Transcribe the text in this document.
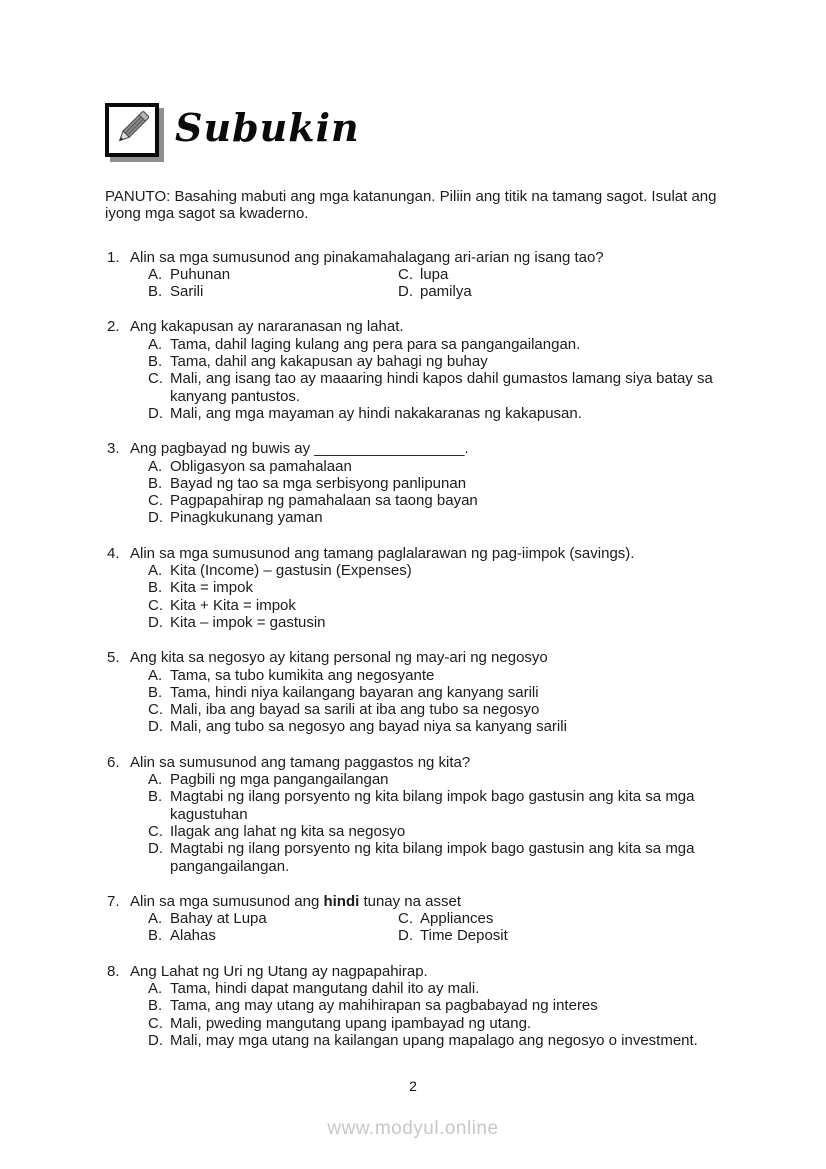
Subukin

PANUTO: Basahing mabuti ang mga katanungan. Piliin ang titik na tamang sagot. Isulat ang iyong mga sagot sa kwaderno.

1. Alin sa mga sumusunod ang pinakamahalagang ari-arian ng isang tao?
A. Puhunan	C. lupa
B. Sarili	D. pamilya
2. Ang kakapusan ay nararanasan ng lahat.
A. Tama, dahil laging kulang ang pera para sa pangangailangan.
B. Tama, dahil ang kakapusan ay bahagi ng buhay
C. Mali, ang isang tao ay maaaring hindi kapos dahil gumastos lamang siya batay sa kanyang pantustos.
D. Mali, ang mga mayaman ay hindi nakakaranas ng kakapusan.
3. Ang pagbayad ng buwis ay __________________.
A. Obligasyon sa pamahalaan
B. Bayad ng tao sa mga serbisyong panlipunan
C. Pagpapahirap ng pamahalaan sa taong bayan
D. Pinagkukunang yaman
4. Alin sa mga sumusunod ang tamang paglalarawan ng pag-iimpok (savings).
A. Kita (Income) – gastusin (Expenses)
B. Kita = impok
C. Kita + Kita = impok
D. Kita – impok = gastusin
5. Ang kita sa negosyo ay kitang personal ng may-ari ng negosyo
A. Tama, sa tubo kumikita ang negosyante
B. Tama, hindi niya kailangang bayaran ang kanyang sarili
C. Mali, iba ang bayad sa sarili at iba ang tubo sa negosyo
D. Mali, ang tubo sa negosyo ang bayad niya sa kanyang sarili
6. Alin sa sumusunod ang tamang paggastos ng kita?
A. Pagbili ng mga pangangailangan
B. Magtabi ng ilang porsyento ng kita bilang impok bago gastusin ang kita sa mga kagustuhan
C. Ilagak ang lahat ng kita sa negosyo
D. Magtabi ng ilang porsyento ng kita bilang impok bago gastusin ang kita sa mga pangangailangan.
7. Alin sa mga sumusunod ang hindi tunay na asset
A. Bahay at Lupa	C. Appliances
B. Alahas	D. Time Deposit
8. Ang Lahat ng Uri ng Utang ay nagpapahirap.
A. Tama, hindi dapat mangutang dahil ito ay mali.
B. Tama, ang may utang ay mahihirapan sa pagbabayad ng interes
C. Mali, pweding mangutang upang ipambayad ng utang.
D. Mali, may mga utang na kailangan upang mapalago ang negosyo o investment.
2
www.modyul.online
